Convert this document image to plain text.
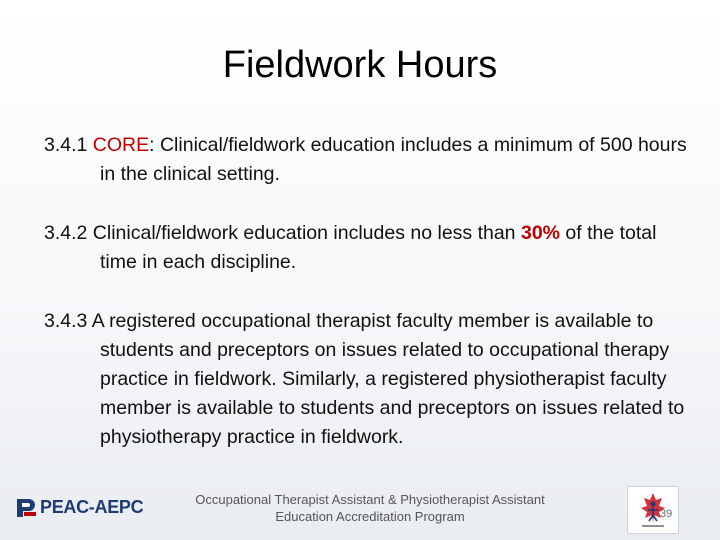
Fieldwork Hours

3.4.1 CORE: Clinical/fieldwork education includes a minimum of 500 hours in the clinical setting.

3.4.2 Clinical/fieldwork education includes no less than 30% of the total time in each discipline.

3.4.3 A registered occupational therapist faculty member is available to students and preceptors on issues related to occupational therapy practice in fieldwork. Similarly, a registered physiotherapist faculty member is available to students and preceptors on issues related to physiotherapy practice in fieldwork.

PEAC-AEPC	Occupational Therapist Assistant & Physiotherapist Assistant
Education Accreditation Program	39
